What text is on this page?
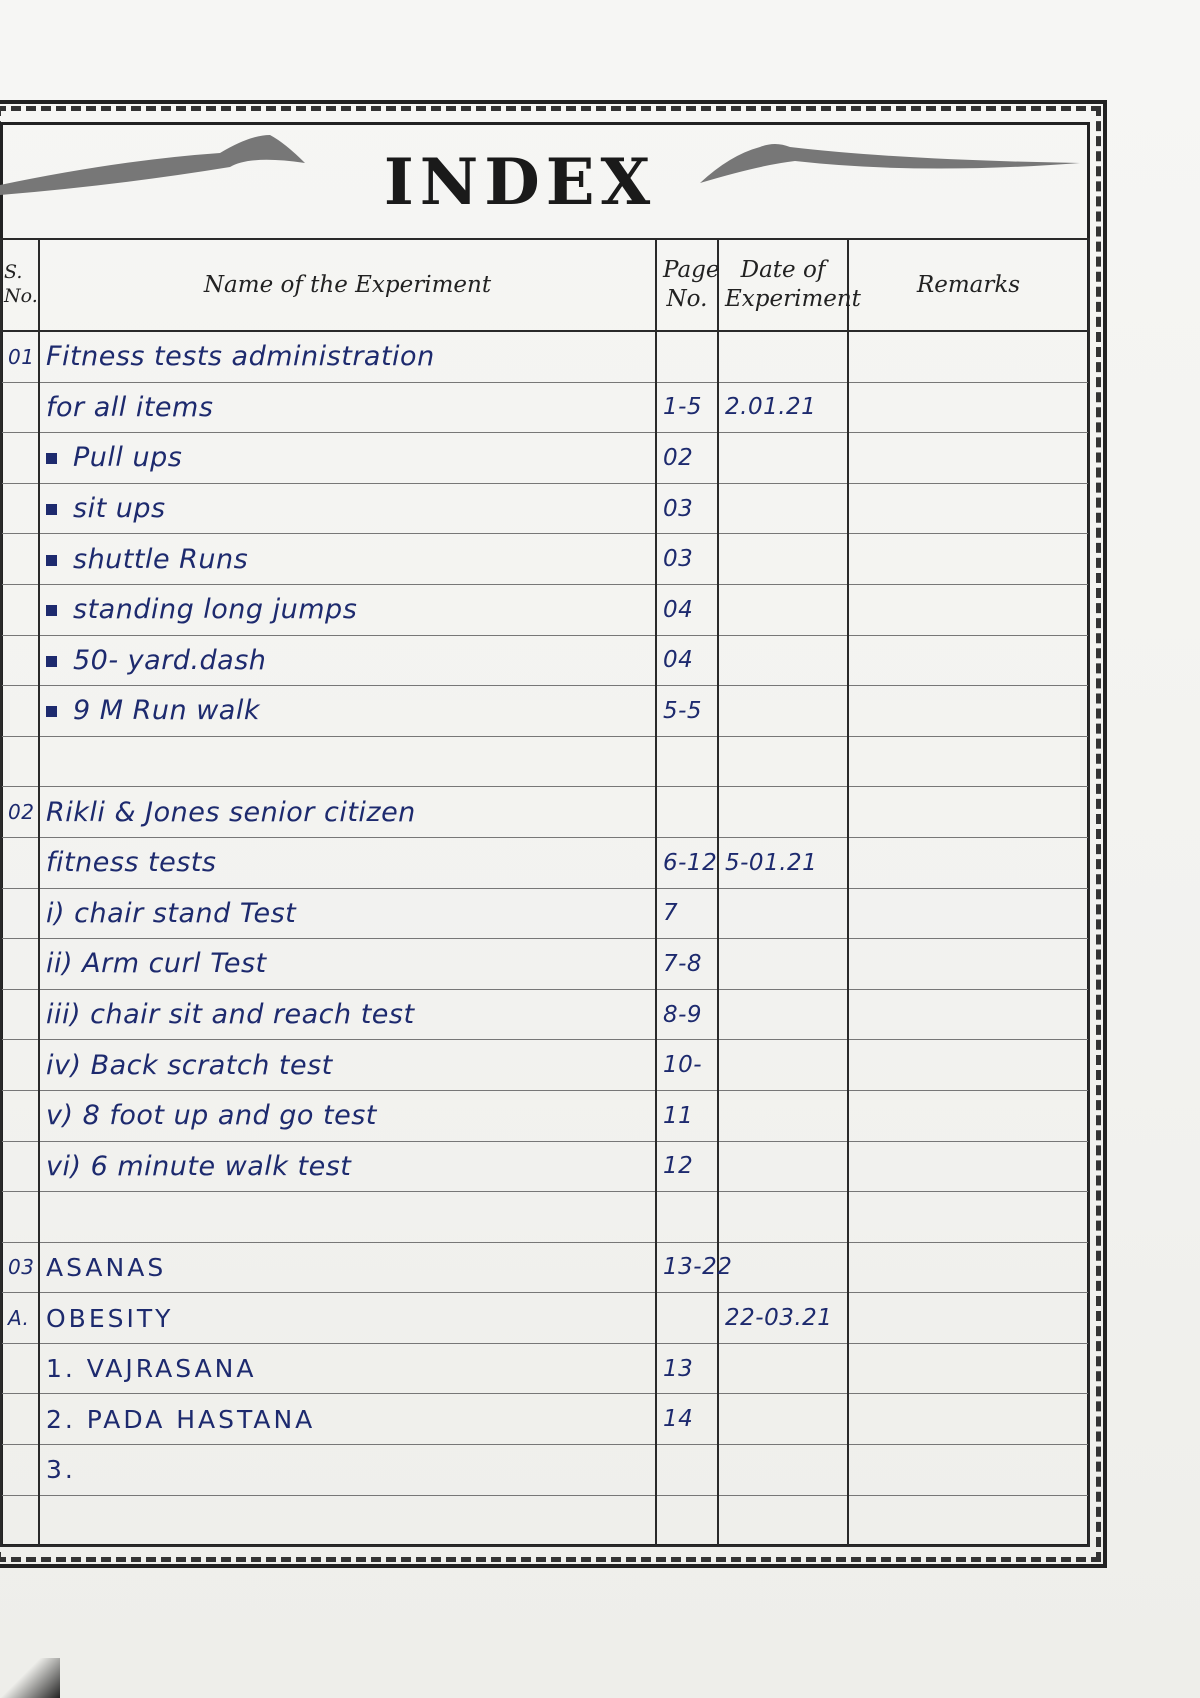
INDEX
S. No.	Name of the Experiment	Page No.	Date of Experiment	Remarks
01	Fitness tests administration			
	for all items	1-5	2.01.21	
	Pull ups	02		
	sit ups	03		
	shuttle Runs	03		
	standing long jumps	04		
	50- yard.dash	04		
	9 M Run walk	5-5		

02	Rikli & Jones senior citizen			
	fitness tests	6-12	5-01.21	
	i) chair stand Test	7		
	ii) Arm curl Test	7-8		
	iii) chair sit and reach test	8-9		
	iv) Back scratch test	10-		
	v) 8 foot up and go test	11		
	vi) 6 minute walk test	12		

03	ASANAS	13-22		
A.	OBESITY		22-03.21	
	1. VAJRASANA	13		
	2. PADA HASTANA	14		
	3.			
